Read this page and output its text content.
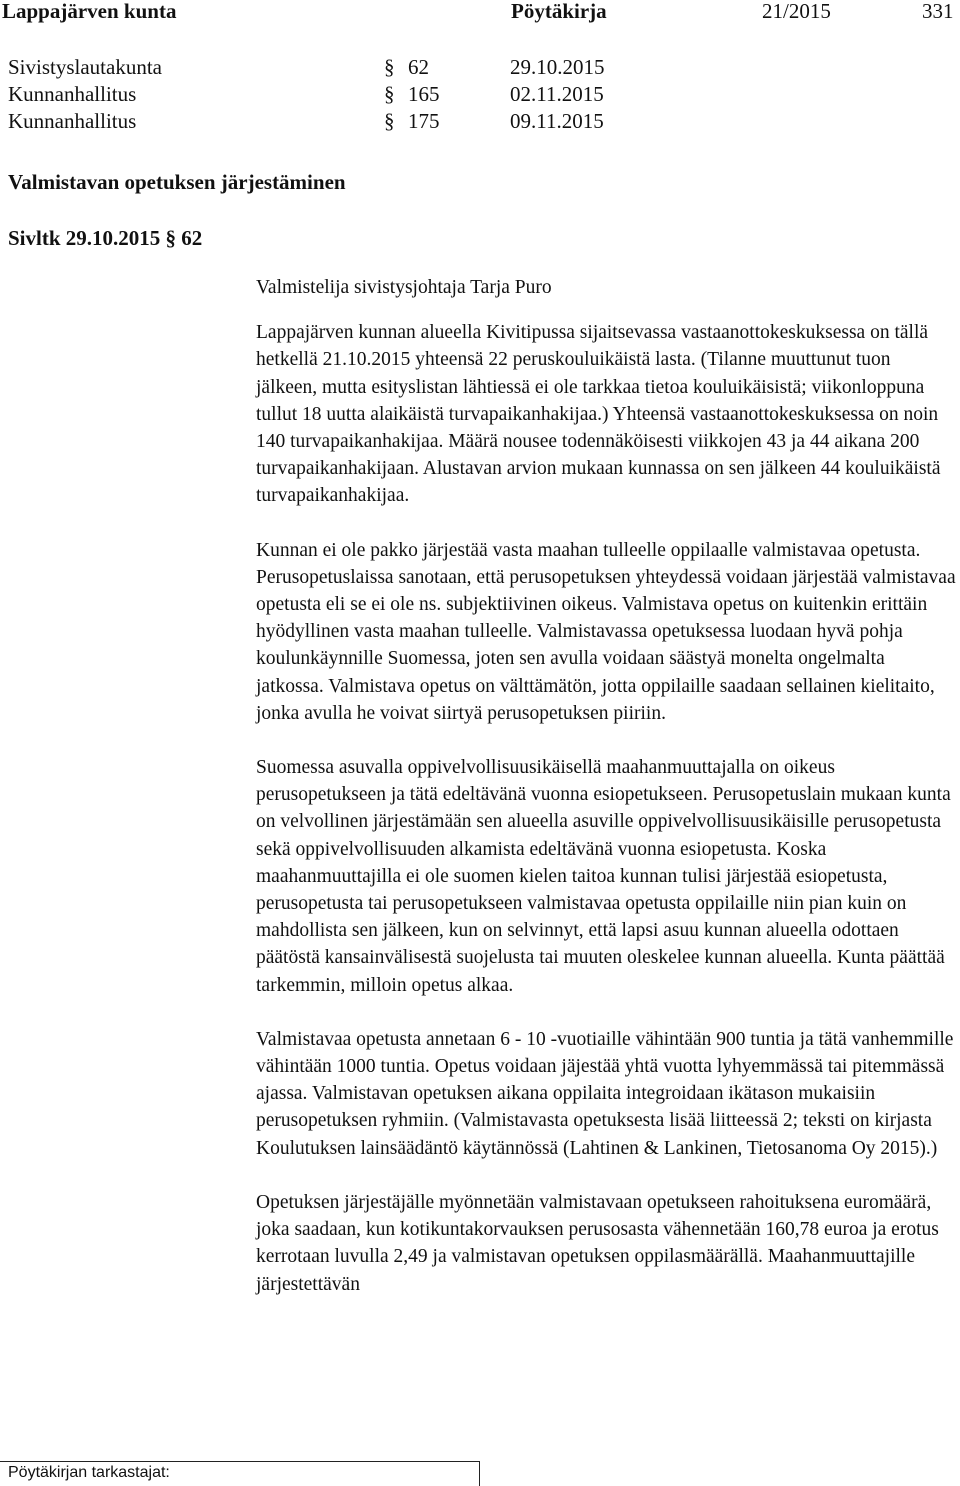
Lappajärven kunta	Pöytäkirja	21/2015	331
Sivistyslautakunta	§ 62	29.10.2015
Kunnanhallitus	§ 165	02.11.2015
Kunnanhallitus	§ 175	09.11.2015
Valmistavan opetuksen järjestäminen
Sivltk 29.10.2015 § 62

Valmistelija sivistysjohtaja Tarja Puro

Lappajärven kunnan alueella Kivitipussa sijaitsevassa vastaanottokeskuksessa on tällä hetkellä 21.10.2015 yhteensä 22 peruskouluikäistä lasta. (Tilanne muuttunut tuon jälkeen, mutta esityslistan lähtiessä ei ole tarkkaa tietoa kouluikäisistä; viikonloppuna tullut 18 uutta alaikäistä turvapaikanhakijaa.) Yhteensä vastaanottokeskuksessa on noin 140 turvapaikanhakijaa. Määrä nousee todennäköisesti viikkojen 43 ja 44 aikana 200 turvapaikanhakijaan. Alustavan arvion mukaan kunnassa on sen jälkeen 44 kouluikäistä turvapaikanhakijaa.

Kunnan ei ole pakko järjestää vasta maahan tulleelle oppilaalle valmistavaa opetusta. Perusopetuslaissa sanotaan, että perusopetuksen yhteydessä voidaan järjestää valmistavaa opetusta eli se ei ole ns. subjektiivinen oikeus. Valmistava opetus on kuitenkin erittäin hyödyllinen vasta maahan tulleelle. Valmistavassa opetuksessa luodaan hyvä pohja koulunkäynnille Suomessa, joten sen avulla voidaan säästyä monelta ongelmalta jatkossa. Valmistava opetus on välttämätön, jotta oppilaille saadaan sellainen kielitaito, jonka avulla he voivat siirtyä perusopetuksen piiriin.

Suomessa asuvalla oppivelvollisuusikäisellä maahanmuuttajalla on oikeus perusopetukseen ja tätä edeltävänä vuonna esiopetukseen. Perusopetuslain mukaan kunta on velvollinen järjestämään sen alueella asuville oppivelvollisuusikäisille perusopetusta sekä oppivelvollisuuden alkamista edeltävänä vuonna esiopetusta. Koska maahanmuuttajilla ei ole suomen kielen taitoa kunnan tulisi järjestää esiopetusta, perusopetusta tai perusopetukseen valmistavaa opetusta oppilaille niin pian kuin on mahdollista sen jälkeen, kun on selvinnyt, että lapsi asuu kunnan alueella odottaen päätöstä kansainvälisestä suojelusta tai muuten oleskelee kunnan alueella. Kunta päättää tarkemmin, milloin opetus alkaa.

Valmistavaa opetusta annetaan 6 - 10 -vuotiaille vähintään 900 tuntia ja tätä vanhemmille vähintään 1000 tuntia. Opetus voidaan jäjestää yhtä vuotta lyhyemmässä tai pitemmässä ajassa. Valmistavan opetuksen aikana oppilaita integroidaan ikätason mukaisiin perusopetuksen ryhmiin. (Valmistavasta opetuksesta lisää liitteessä 2; teksti on kirjasta Koulutuksen lainsäädäntö käytännössä (Lahtinen & Lankinen, Tietosanoma Oy 2015).)

Opetuksen järjestäjälle myönnetään valmistavaan opetukseen rahoituksena euromäärä, joka saadaan, kun kotikuntakorvauksen perusosasta vähennetään 160,78 euroa ja erotus kerrotaan luvulla 2,49 ja valmistavan opetuksen oppilasmäärällä. Maahanmuuttajille järjestettävän

Pöytäkirjan tarkastajat:
